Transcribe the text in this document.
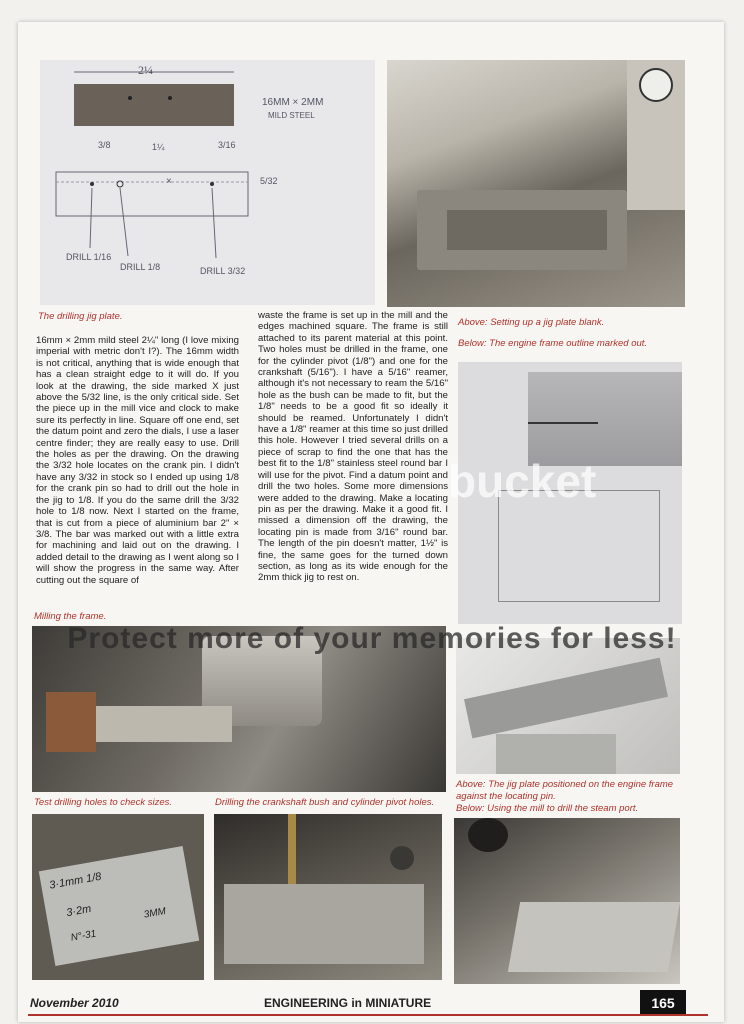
2¼
16MM × 2MM
MILD STEEL
3/8	1¼	3/16
×	5/32
DRILL 1/16
DRILL 1/8	DRILL 3/32
The drilling jig plate.
Above: Setting up a jig plate blank.
Below: The engine frame outline marked out.
16mm × 2mm mild steel 2¼" long (I love mixing imperial with metric don't I?). The 16mm width is not critical, anything that is wide enough that has a clean straight edge to it will do. If you look at the drawing, the side marked X just above the 5/32 line, is the only critical side. Set the piece up in the mill vice and clock to make sure its perfectly in line. Square off one end, set the datum point and zero the dials, I use a laser centre finder; they are really easy to use. Drill the holes as per the drawing. On the drawing the 3/32 hole locates on the crank pin. I didn't have any 3/32 in stock so I ended up using 1/8 for the crank pin so had to drill out the hole in the jig to 1/8. If you do the same drill the 3/32 hole to 1/8 now. Next I started on the frame, that is cut from a piece of aluminium bar 2" × 3/8. The bar was marked out with a little extra for machining and laid out on the drawing. I added detail to the drawing as I went along so I will show the progress in the same way. After cutting out the square of
waste the frame is set up in the mill and the edges machined square. The frame is still attached to its parent material at this point. Two holes must be drilled in the frame, one for the cylinder pivot (1/8") and one for the crankshaft (5/16"). I have a 5/16" reamer, although it's not necessary to ream the 5/16" hole as the bush can be made to fit, but the 1/8" needs to be a good fit so ideally it should be reamed. Unfortunately I didn't have a 1/8" reamer at this time so just drilled this hole. However I tried several drills on a piece of scrap to find the one that has the best fit to the 1/8" stainless steel round bar I will use for the pivot. Find a datum point and drill the two holes. Some more dimensions were added to the drawing. Make a locating pin as per the drawing. Make it a good fit. I missed a dimension off the drawing, the locating pin is made from 3/16" round bar. The length of the pin doesn't matter, 1½" is fine, the same goes for the turned down section, as long as its wide enough for the 2mm thick jig to rest on.
Milling the frame.
Above: The jig plate positioned on the engine frame
against the locating pin.
Below: Using the mill to drill the steam port.
Test drilling holes to check sizes.	Drilling the crankshaft bush and cylinder pivot holes.
3·1mm 1/8
3·2m
N°-31
3MM
bucket
Protect more of your memories for less!
November 2010	ENGINEERING in MINIATURE	165
